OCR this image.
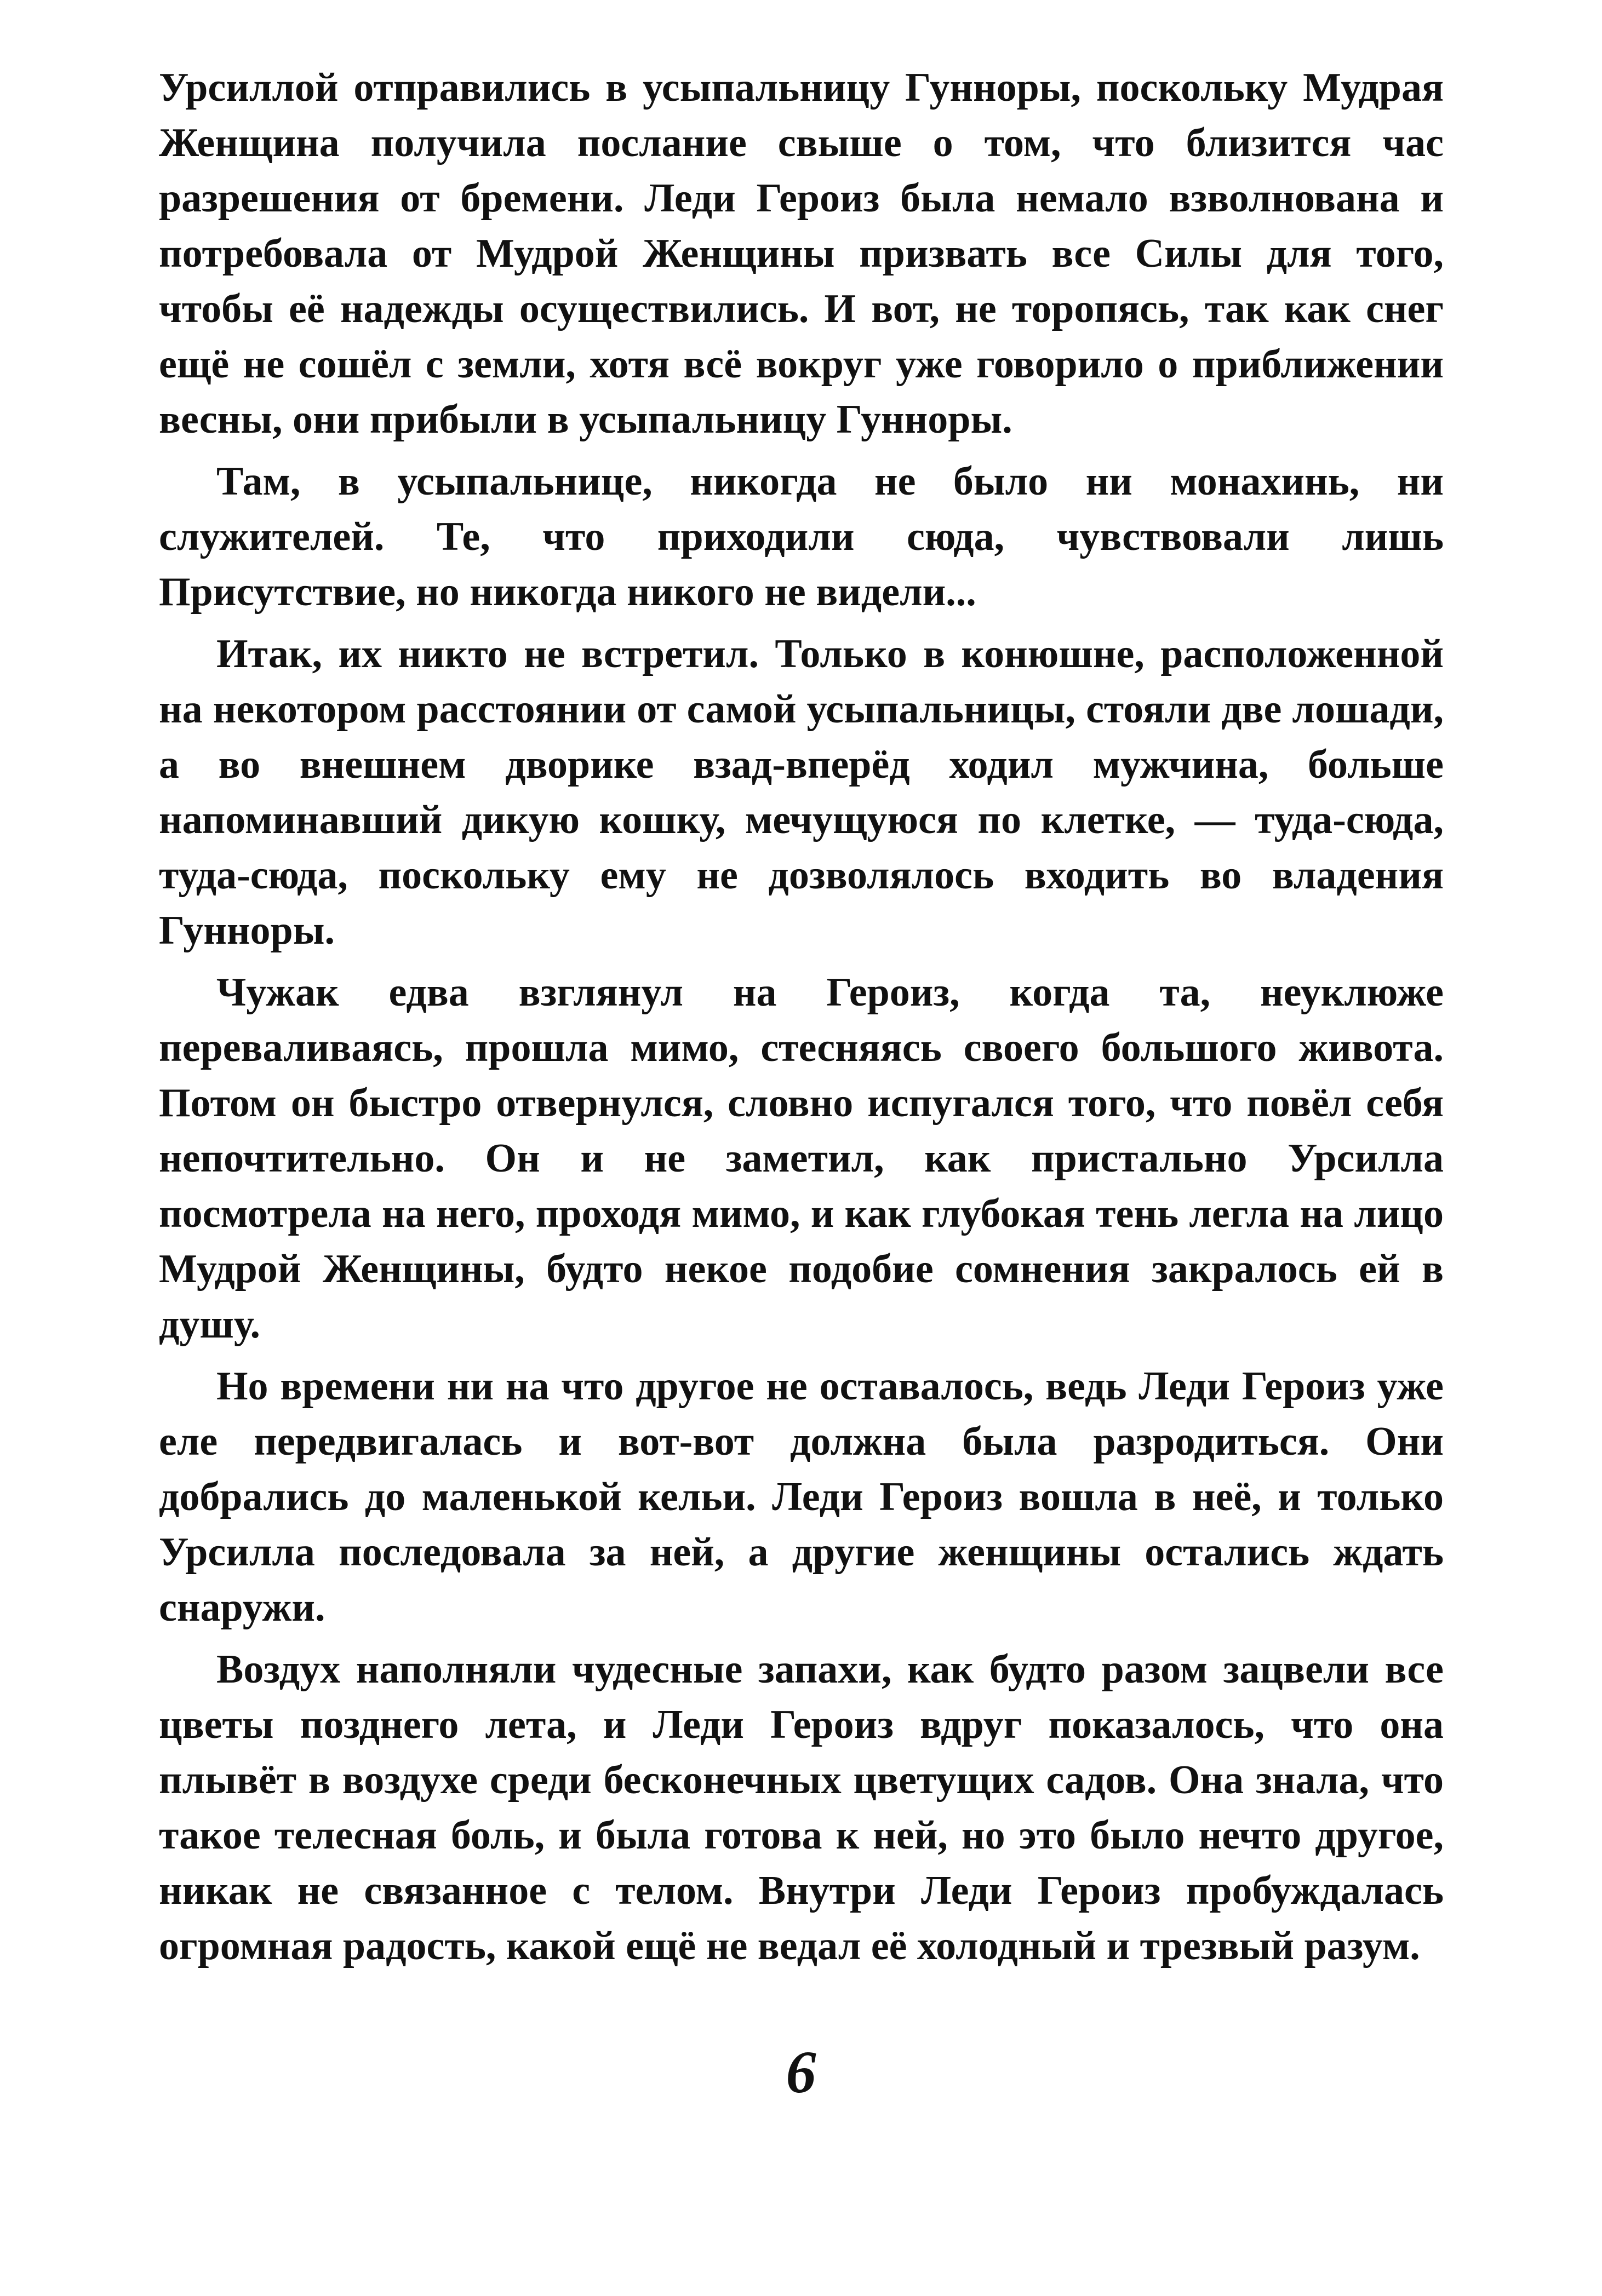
Урсиллой отправились в усыпальницу Гунноры, поскольку Мудрая Женщина получила послание свыше о том, что близится час разрешения от бремени. Леди Героиз была немало взволнована и потребовала от Мудрой Женщины призвать все Силы для того, чтобы её надежды осуществились. И вот, не торопясь, так как снег ещё не сошёл с земли, хотя всё вокруг уже говорило о приближении весны, они прибыли в усыпальницу Гунноры.

Там, в усыпальнице, никогда не было ни монахинь, ни служителей. Те, что приходили сюда, чувствовали лишь Присутствие, но никогда никого не видели...

Итак, их никто не встретил. Только в конюшне, расположенной на некотором расстоянии от самой усыпальницы, стояли две лошади, а во внешнем дворике взад-вперёд ходил мужчина, больше напоминавший дикую кошку, мечущуюся по клетке, — туда-сюда, туда-сюда, поскольку ему не дозволялось входить во владения Гунноры.

Чужак едва взглянул на Героиз, когда та, неуклюже переваливаясь, прошла мимо, стесняясь своего большого живота. Потом он быстро отвернулся, словно испугался того, что повёл себя непочтительно. Он и не заметил, как пристально Урсилла посмотрела на него, проходя мимо, и как глубокая тень легла на лицо Мудрой Женщины, будто некое подобие сомнения закралось ей в душу.

Но времени ни на что другое не оставалось, ведь Леди Героиз уже еле передвигалась и вот-вот должна была разродиться. Они добрались до маленькой кельи. Леди Героиз вошла в неё, и только Урсилла последовала за ней, а другие женщины остались ждать снаружи.

Воздух наполняли чудесные запахи, как будто разом зацвели все цветы позднего лета, и Леди Героиз вдруг показалось, что она плывёт в воздухе среди бесконечных цветущих садов. Она знала, что такое телесная боль, и была готова к ней, но это было нечто другое, никак не связанное с телом. Внутри Леди Героиз пробуждалась огромная радость, какой ещё не ведал её холодный и трезвый разум.

6
